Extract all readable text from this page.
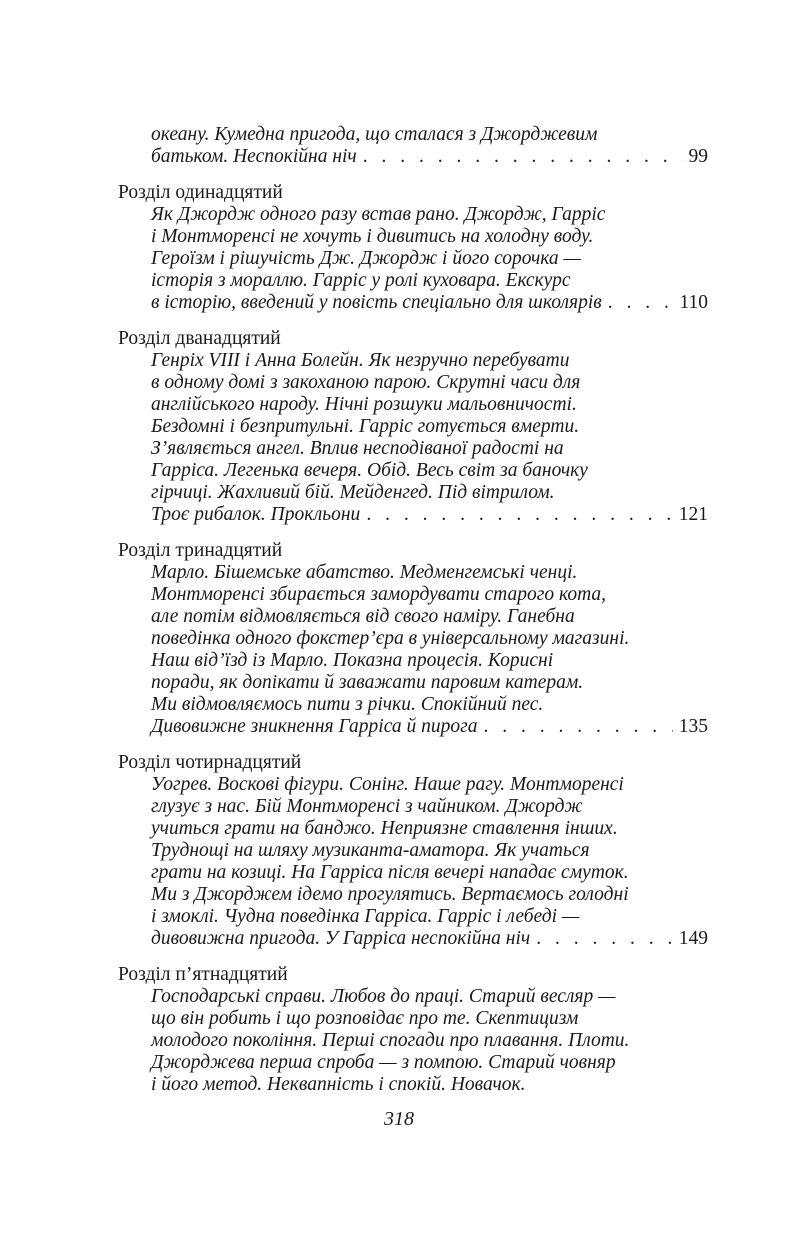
океану. Кумедна пригода, що сталася з Джорджевим
батьком. Неспокійна ніч . . .	99
Розділ одинадцятий
Як Джордж одного разу встав рано. Джордж, Гарріс
і Монтморенсі не хочуть і дивитись на холодну воду.
Героїзм і рішучість Дж. Джордж і його сорочка —
історія з мораллю. Гарріс у ролі куховара. Екскурс
в історію, введений у повість спеціально для школярів . . .	110
Розділ дванадцятий
Генріх VIII і Анна Болейн. Як незручно перебувати
в одному домі з закоханою парою. Скрутні часи для
англійського народу. Нічні розшуки мальовничості.
Бездомні і безпритульні. Гарріс готується вмерти.
З’являється ангел. Вплив несподіваної радості на
Гарріса. Легенька вечеря. Обід. Весь світ за баночку
гірчиці. Жахливий бій. Мейденгед. Під вітрилом.
Троє рибалок. Прокльони . . .	121
Розділ тринадцятий
Марло. Бішемське абатство. Медменгемські ченці.
Монтморенсі збирається замордувати старого кота,
але потім відмовляється від свого наміру. Ганебна
поведінка одного фокстер’єра в універсальному магазині.
Наш від’їзд із Марло. Показна процесія. Корисні
поради, як допікати й заважати паровим катерам.
Ми відмовляємось пити з річки. Спокійний пес.
Дивовижне зникнення Гарріса й пирога . . .	135
Розділ чотирнадцятий
Уогрев. Воскові фігури. Сонінг. Наше рагу. Монтморенсі
глузує з нас. Бій Монтморенсі з чайником. Джордж
учиться грати на банджо. Неприязне ставлення інших.
Труднощі на шляху музиканта-аматора. Як учаться
грати на козиці. На Гарріса після вечері нападає смуток.
Ми з Джорджем ідемо прогулятись. Вертаємось голодні
і змоклі. Чудна поведінка Гарріса. Гарріс і лебеді —
дивовижна пригода. У Гарріса неспокійна ніч . . .	149
Розділ п’ятнадцятий
Господарські справи. Любов до праці. Старий весляр —
що він робить і що розповідає про те. Скептицизм
молодого покоління. Перші спогади про плавання. Плоти.
Джорджева перша спроба — з помпою. Старий човняр
і його метод. Неквапність і спокій. Новачок.
318
